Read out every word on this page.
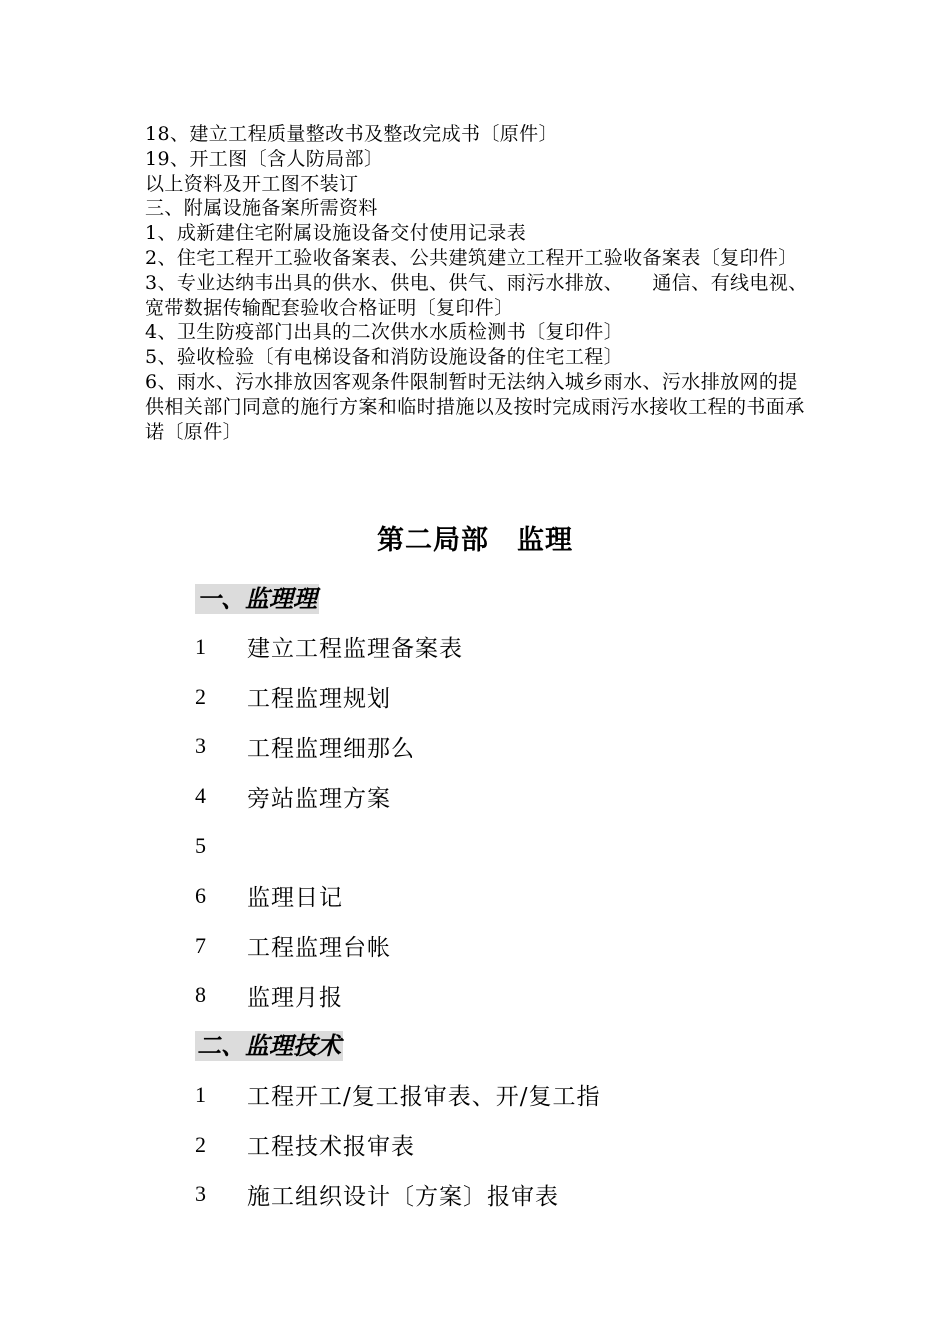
18、建立工程质量整改书及整改完成书〔原件〕

19、开工图〔含人防局部〕

以上资料及开工图不装订

三、附属设施备案所需资料

1、成新建住宅附属设施设备交付使用记录表

2、住宅工程开工验收备案表、公共建筑建立工程开工验收备案表〔复印件〕

3、专业达纳韦出具的供水、供电、供气、雨污水排放、　　通信、有线电视、宽带数据传输配套验收合格证明〔复印件〕

4、卫生防疫部门出具的二次供水水质检测书〔复印件〕

5、验收检验〔有电梯设备和消防设施设备的住宅工程〕

6、雨水、污水排放因客观条件限制暂时无法纳入城乡雨水、污水排放网的提供相关部门同意的施行方案和临时措施以及按时完成雨污水接收工程的书面承诺〔原件〕

第二局部　监理
一、监理理
1	建立工程监理备案表
2	工程监理规划
3	工程监理细那么
4	旁站监理方案
5
6	监理日记
7	工程监理台帐
8	监理月报
二、监理技术
1	工程开工/复工报审表、开/复工指
2	工程技术报审表
3	施工组织设计〔方案〕报审表
